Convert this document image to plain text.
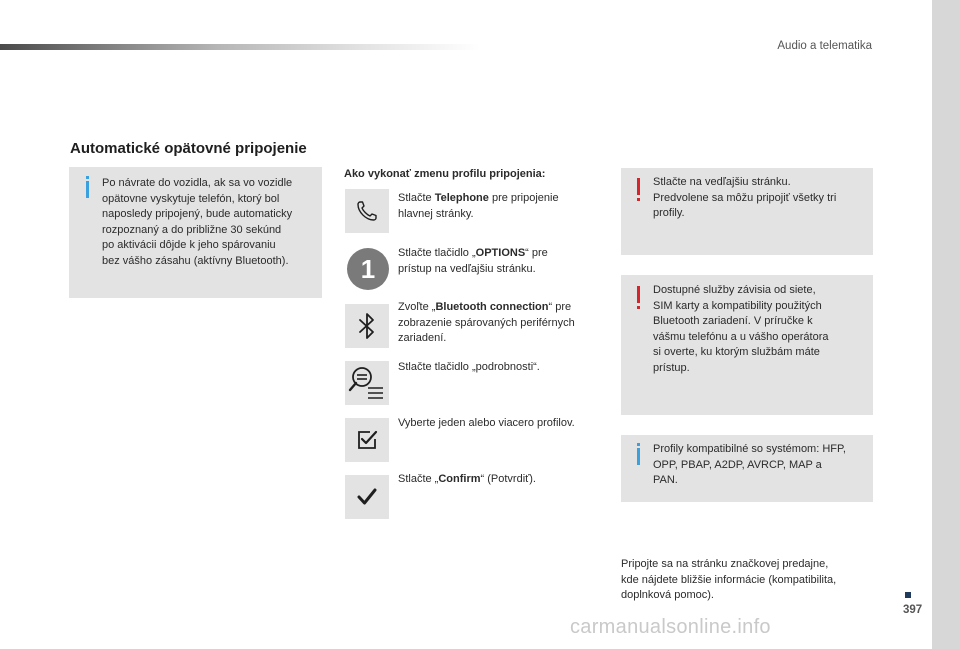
Audio a telematika
Automatické opätovné pripojenie

Po návrate do vozidla, ak sa vo vozidle
opätovne vyskytuje telefón, ktorý bol
naposledy pripojený, bude automaticky
rozpoznaný a do približne 30 sekúnd
po aktivácii dôjde k jeho spárovaniu
bez vášho zásahu (aktívny Bluetooth).

Ako vykonať zmenu profilu pripojenia:
Stlačte Telephone pre pripojenie
hlavnej stránky.
1
Stlačte tlačidlo „OPTIONS“ pre
prístup na vedľajšiu stránku.
Zvoľte „Bluetooth connection“ pre
zobrazenie spárovaných periférnych
zariadení.
Stlačte tlačidlo „podrobnosti“.
Vyberte jeden alebo viacero profilov.
Stlačte „Confirm“ (Potvrdiť).

Stlačte na vedľajšiu stránku.
Predvolene sa môžu pripojiť všetky tri
profily.

Dostupné služby závisia od siete,
SIM karty a kompatibility použitých
Bluetooth zariadení. V príručke k
vášmu telefónu a u vášho operátora
si overte, ku ktorým službám máte
prístup.

Profily kompatibilné so systémom: HFP,
OPP, PBAP, A2DP, AVRCP, MAP a
PAN.

Pripojte sa na stránku značkovej predajne,
kde nájdete bližšie informácie (kompatibilita,
doplnková pomoc).
397
carmanualsonline.info
